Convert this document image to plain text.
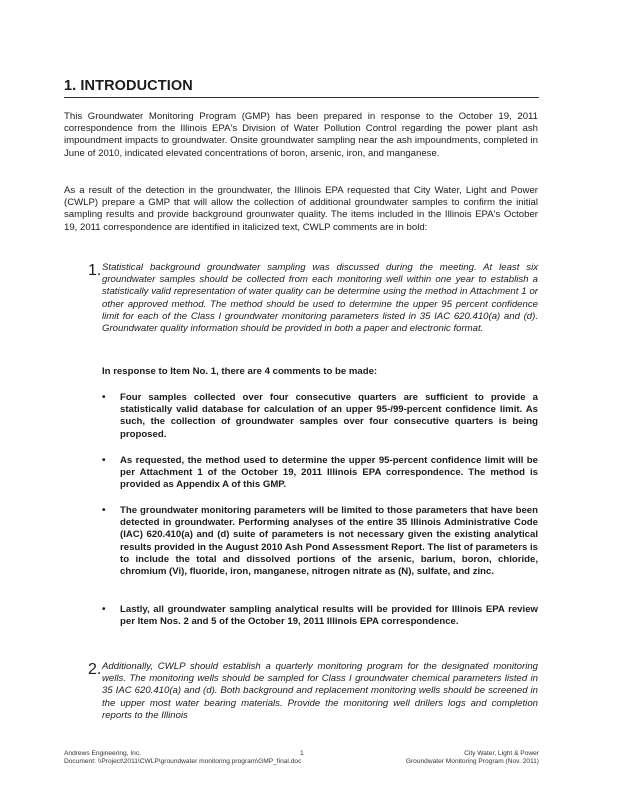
1. INTRODUCTION

This Groundwater Monitoring Program (GMP) has been prepared in response to the October 19, 2011 correspondence from the Illinois EPA's Division of Water Pollution Control regarding the power plant ash impoundment impacts to groundwater. Onsite groundwater sampling near the ash impoundments, completed in June of 2010, indicated elevated concentrations of boron, arsenic, iron, and manganese.

As a result of the detection in the groundwater, the Illinois EPA requested that City Water, Light and Power (CWLP) prepare a GMP that will allow the collection of additional groundwater samples to confirm the initial sampling results and provide background grounwater quality. The items included in the Illinois EPA's October 19, 2011 correspondence are identified in italicized text, CWLP comments are in bold:

1. Statistical background groundwater sampling was discussed during the meeting. At least six groundwater samples should be collected from each monitoring well within one year to establish a statistically valid representation of water quality can be determine using the method in Attachment 1 or other approved method. The method should be used to determine the upper 95 percent confidence limit for each of the Class I groundwater monitoring parameters listed in 35 IAC 620.410(a) and (d). Groundwater quality information should be provided in both a paper and electronic format.
In response to Item No. 1, there are 4 comments to be made:
• Four samples collected over four consecutive quarters are sufficient to provide a statistically valid database for calculation of an upper 95-/99-percent confidence limit. As such, the collection of groundwater samples over four consecutive quarters is being proposed.
• As requested, the method used to determine the upper 95-percent confidence limit will be per Attachment 1 of the October 19, 2011 Illinois EPA correspondence. The method is provided as Appendix A of this GMP.
• The groundwater monitoring parameters will be limited to those parameters that have been detected in groundwater. Performing analyses of the entire 35 Illinois Administrative Code (IAC) 620.410(a) and (d) suite of parameters is not necessary given the existing analytical results provided in the August 2010 Ash Pond Assessment Report. The list of parameters is to include the total and dissolved portions of the arsenic, barium, boron, chloride, chromium (Vi), fluoride, iron, manganese, nitrogen nitrate as (N), sulfate, and zinc.
• Lastly, all groundwater sampling analytical results will be provided for Illinois EPA review per Item Nos. 2 and 5 of the October 19, 2011 Illinois EPA correspondence.
2. Additionally, CWLP should establish a quarterly monitoring program for the designated monitoring wells. The monitoring wells should be sampled for Class I groundwater chemical parameters listed in 35 IAC 620.410(a) and (d). Both background and replacement monitoring wells should be screened in the upper most water bearing materials. Provide the monitoring well drillers logs and completion reports to the Illinois
Andrews Engineering, Inc.
Document: \\Project\2011\CWLP\groundwater monitoring program\GMP_final.doc
1	City Water, Light & Power
Groundwater Monitoring Program (Nov. 2011)
